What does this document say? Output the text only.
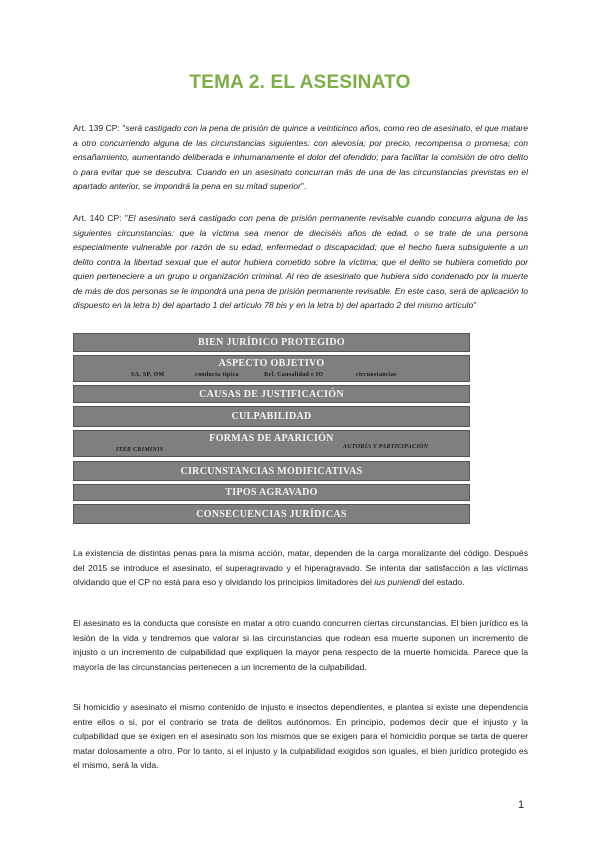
TEMA 2. EL ASESINATO
Art. 139 CP: "será castigado con la pena de prisión de quince a veinticinco años, como reo de asesinato, el que matare a otro concurriendo alguna de las circunstancias siguientes: con alevosía; por precio, recompensa o promesa; con ensañamiento, aumentando deliberada e inhumanamente el dolor del ofendido; para facilitar la comisión de otro delito o para evitar que se descubra. Cuando en un asesinato concurran más de una de las circunstancias previstas en el apartado anterior, se impondrá la pena en su mitad superior".
Art. 140 CP: "El asesinato será castigado con pena de prisión permanente revisable cuando concurra alguna de las siguientes circunstancias: que la víctima sea menor de dieciséis años de edad, o se trate de una persona especialmente vulnerable por razón de su edad, enfermedad o discapacidad; que el hecho fuera subsiguiente a un delito contra la libertad sexual que el autor hubiera cometido sobre la víctima; que el delito se hubiera cometido por quien perteneciere a un grupo u organización criminal. Al reo de asesinato que hubiera sido condenado por la muerte de más de dos personas se le impondrá una pena de prisión permanente revisable. En este caso, será de aplicación lo dispuesto en la letra b) del apartado 1 del artículo 78 bis y en la letra b) del apartado 2 del mismo artículo"
BIEN JURÍDICO PROTEGIDO
ASPECTO OBJETIVO
SA, SP, OM	conducta típica	Rel. Causalidad e IO	circunstancias
CAUSAS DE JUSTIFICACIÓN
CULPABILIDAD
FORMAS DE APARICIÓN
ITER CRIMINIS	AUTORÍA Y PARTICIPACIÓN
CIRCUNSTANCIAS MODIFICATIVAS
TIPOS AGRAVADO
CONSECUENCIAS JURÍDICAS
La existencia de distintas penas para la misma acción, matar, dependen de la carga moralizante del código. Después del 2015 se introduce el asesinato, el superagravado y el hiperagravado. Se intenta dar satisfacción a las víctimas olvidando que el CP no está para eso y olvidando los principios limitadores del ius puniendi del estado.
El asesinato es la conducta que consiste en matar a otro cuando concurren ciertas circunstancias. El bien jurídico es la lesión de la vida y tendremos que valorar si las circunstancias que rodean esa muerte suponen un incremento de injusto o un incremento de culpabilidad que expliquen la mayor pena respecto de la muerte homicida. Parece que la mayoría de las circunstancias pertenecen a un incremento de la culpabilidad.
Si homicidio y asesinato el mismo contenido de injusto e insectos dependientes, e plantea si existe une dependencia entre ellos o si, por el contrario se trata de delitos autónomos. En principio, podemos decir que el injusto y la culpabilidad que se exigen en el asesinato son los mismos que se exigen para el homicidio porque se tarta de querer matar dolosamente a otro. Por lo tanto, si el injusto y la culpabilidad exigidos son iguales, el bien jurídico protegido es el mismo, será la vida.
1
